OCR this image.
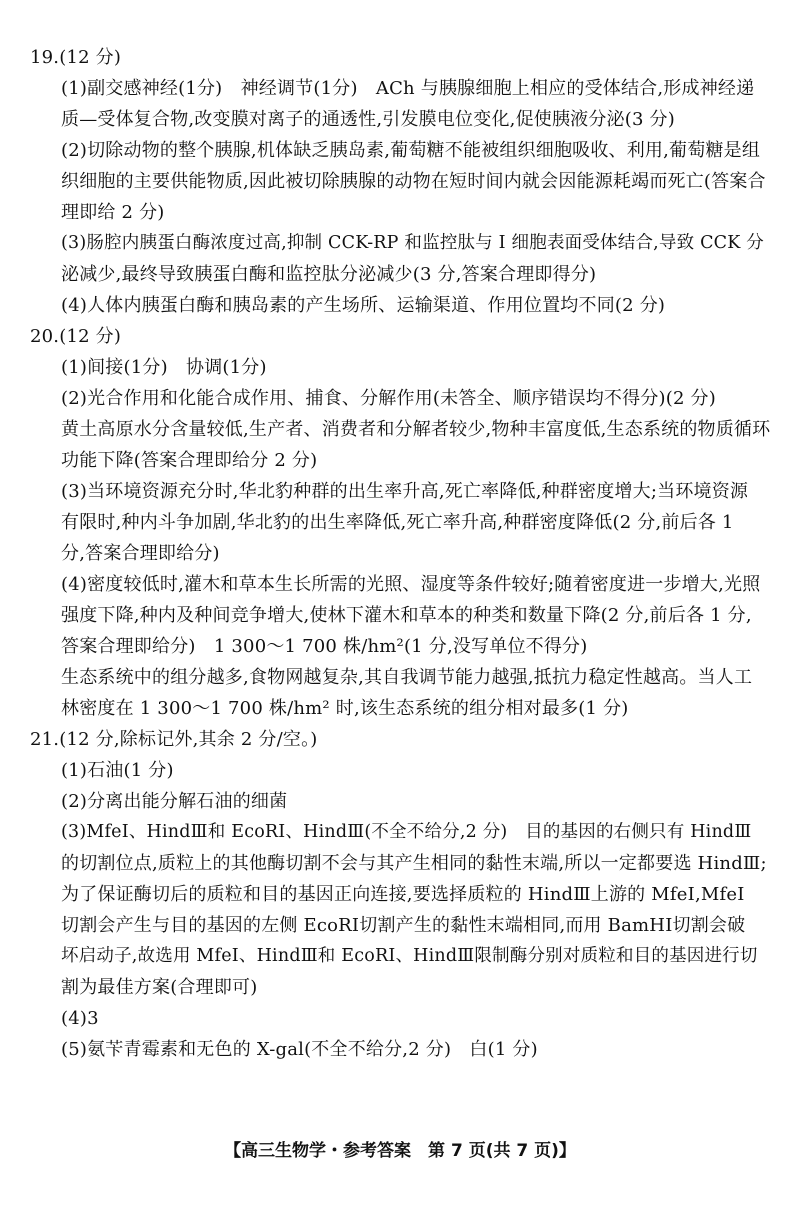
19.(12 分)
(1)副交感神经(1分)　神经调节(1分)　ACh 与胰腺细胞上相应的受体结合,形成神经递
质—受体复合物,改变膜对离子的通透性,引发膜电位变化,促使胰液分泌(3 分)
(2)切除动物的整个胰腺,机体缺乏胰岛素,葡萄糖不能被组织细胞吸收、利用,葡萄糖是组
织细胞的主要供能物质,因此被切除胰腺的动物在短时间内就会因能源耗竭而死亡(答案合
理即给 2 分)
(3)肠腔内胰蛋白酶浓度过高,抑制 CCK-RP 和监控肽与 I 细胞表面受体结合,导致 CCK 分
泌减少,最终导致胰蛋白酶和监控肽分泌减少(3 分,答案合理即得分)
(4)人体内胰蛋白酶和胰岛素的产生场所、运输渠道、作用位置均不同(2 分)
20.(12 分)
(1)间接(1分)　协调(1分)
(2)光合作用和化能合成作用、捕食、分解作用(未答全、顺序错误均不得分)(2 分)
黄土高原水分含量较低,生产者、消费者和分解者较少,物种丰富度低,生态系统的物质循环
功能下降(答案合理即给分 2 分)
(3)当环境资源充分时,华北豹种群的出生率升高,死亡率降低,种群密度增大;当环境资源
有限时,种内斗争加剧,华北豹的出生率降低,死亡率升高,种群密度降低(2 分,前后各 1
分,答案合理即给分)
(4)密度较低时,灌木和草本生长所需的光照、湿度等条件较好;随着密度进一步增大,光照
强度下降,种内及种间竞争增大,使林下灌木和草本的种类和数量下降(2 分,前后各 1 分,
答案合理即给分)　1 300～1 700 株/hm²(1 分,没写单位不得分)
生态系统中的组分越多,食物网越复杂,其自我调节能力越强,抵抗力稳定性越高。当人工
林密度在 1 300～1 700 株/hm² 时,该生态系统的组分相对最多(1 分)
21.(12 分,除标记外,其余 2 分/空。)
(1)石油(1 分)
(2)分离出能分解石油的细菌
(3)MfeⅠ、HindⅢ和 EcoRⅠ、HindⅢ(不全不给分,2 分)　目的基因的右侧只有 HindⅢ
的切割位点,质粒上的其他酶切割不会与其产生相同的黏性末端,所以一定都要选 HindⅢ;
为了保证酶切后的质粒和目的基因正向连接,要选择质粒的 HindⅢ上游的 MfeⅠ,MfeⅠ
切割会产生与目的基因的左侧 EcoRⅠ切割产生的黏性末端相同,而用 BamHⅠ切割会破
坏启动子,故选用 MfeⅠ、HindⅢ和 EcoRⅠ、HindⅢ限制酶分别对质粒和目的基因进行切
割为最佳方案(合理即可)
(4)3
(5)氨苄青霉素和无色的 X-gal(不全不给分,2 分)　白(1 分)
【高三生物学・参考答案　第 7 页(共 7 页)】
